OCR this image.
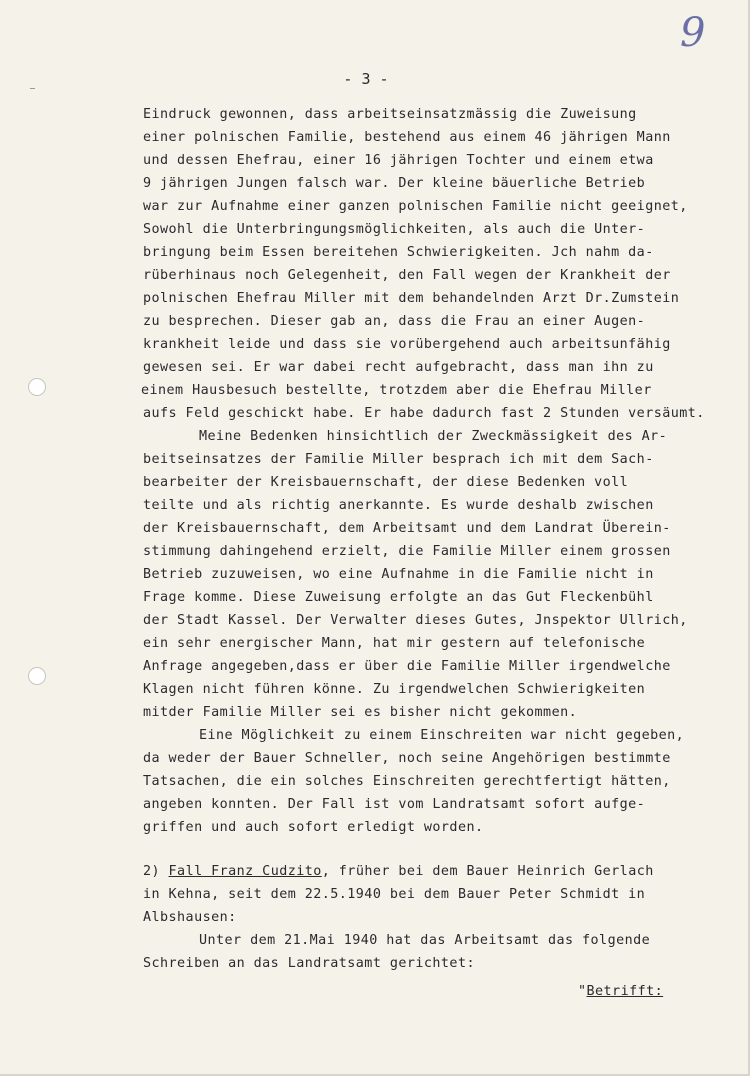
9
- 3 -
Eindruck gewonnen, dass arbeitseinsatzmässig die Zuweisung
einer polnischen Familie, bestehend aus einem 46 jährigen Mann
und dessen Ehefrau, einer 16 jährigen Tochter und einem etwa
9 jährigen Jungen falsch war. Der kleine bäuerliche Betrieb
war zur Aufnahme einer ganzen polnischen Familie nicht geeignet,
Sowohl die Unterbringungsmöglichkeiten, als auch die Unter-
bringung beim Essen bereitehen Schwierigkeiten. Jch nahm da-
rüberhinaus noch Gelegenheit, den Fall wegen der Krankheit der
polnischen Ehefrau Miller mit dem behandelnden Arzt Dr.Zumstein
zu besprechen. Dieser gab an, dass die Frau an einer Augen-
krankheit leide und dass sie vorübergehend auch arbeitsunfähig
gewesen sei. Er war dabei recht aufgebracht, dass man ihn zu
einem Hausbesuch bestellte, trotzdem aber die Ehefrau Miller
aufs Feld geschickt habe. Er habe dadurch fast 2 Stunden versäumt.
Meine Bedenken hinsichtlich der Zweckmässigkeit des Ar-
beitseinsatzes der Familie Miller besprach ich mit dem Sach-
bearbeiter der Kreisbauernschaft, der diese Bedenken voll
teilte und als richtig anerkannte. Es wurde deshalb zwischen
der Kreisbauernschaft, dem Arbeitsamt und dem Landrat Überein-
stimmung dahingehend erzielt, die Familie Miller einem grossen
Betrieb zuzuweisen, wo eine Aufnahme in die Familie nicht in
Frage komme. Diese Zuweisung erfolgte an das Gut Fleckenbühl
der Stadt Kassel. Der Verwalter dieses Gutes, Jnspektor Ullrich,
ein sehr energischer Mann, hat mir gestern auf telefonische
Anfrage angegeben,dass er über die Familie Miller irgendwelche
Klagen nicht führen könne. Zu irgendwelchen Schwierigkeiten
mitder Familie Miller sei es bisher nicht gekommen.
Eine Möglichkeit zu einem Einschreiten war nicht gegeben,
da weder der Bauer Schneller, noch seine Angehörigen bestimmte
Tatsachen, die ein solches Einschreiten gerechtfertigt hätten,
angeben konnten. Der Fall ist vom Landratsamt sofort aufge-
griffen und auch sofort erledigt worden.
2) Fall Franz Cudzito, früher bei dem Bauer Heinrich Gerlach
in Kehna, seit dem 22.5.1940 bei dem Bauer Peter Schmidt in
Albshausen:
Unter dem 21.Mai 1940 hat das Arbeitsamt das folgende
Schreiben an das Landratsamt gerichtet:
"Betrifft:
